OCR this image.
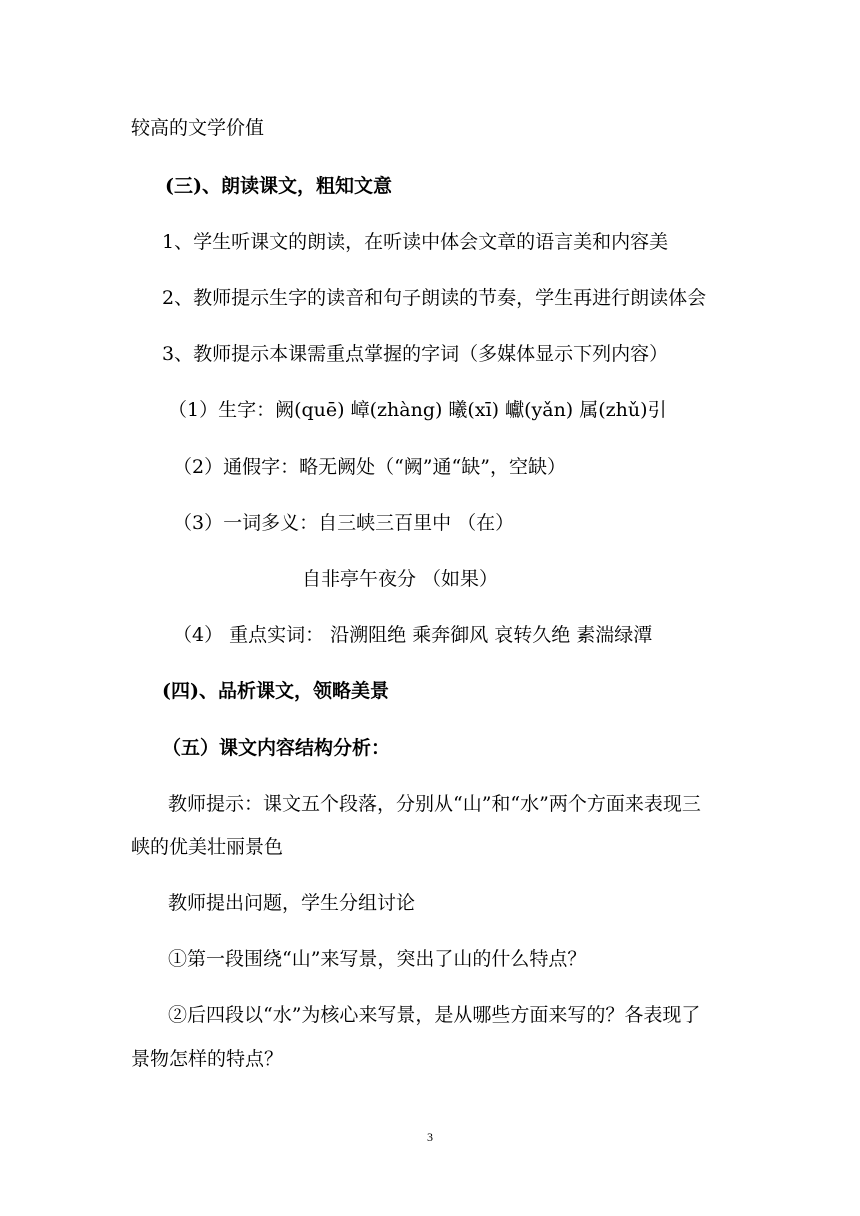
较高的文学价值
(三)、朗读课文，粗知文意
1、学生听课文的朗读，在听读中体会文章的语言美和内容美
2、教师提示生字的读音和句子朗读的节奏，学生再进行朗读体会
3、教师提示本课需重点掌握的字词（多媒体显示下列内容）
（1）生字：阙(quē) 嶂(zhàng) 曦(xī) 巘(yǎn) 属(zhǔ)引
（2）通假字：略无阙处（“阙”通“缺”，空缺）
（3）一词多义：自三峡三百里中 （在）
自非亭午夜分 （如果）
（4） 重点实词： 沿溯阻绝 乘奔御风 哀转久绝 素湍绿潭
(四)、品析课文，领略美景
（五）课文内容结构分析：
教师提示：课文五个段落，分别从“山”和“水”两个方面来表现三
峡的优美壮丽景色
教师提出问题，学生分组讨论
①第一段围绕“山”来写景，突出了山的什么特点？
②后四段以“水”为核心来写景，是从哪些方面来写的？各表现了
景物怎样的特点？
3
